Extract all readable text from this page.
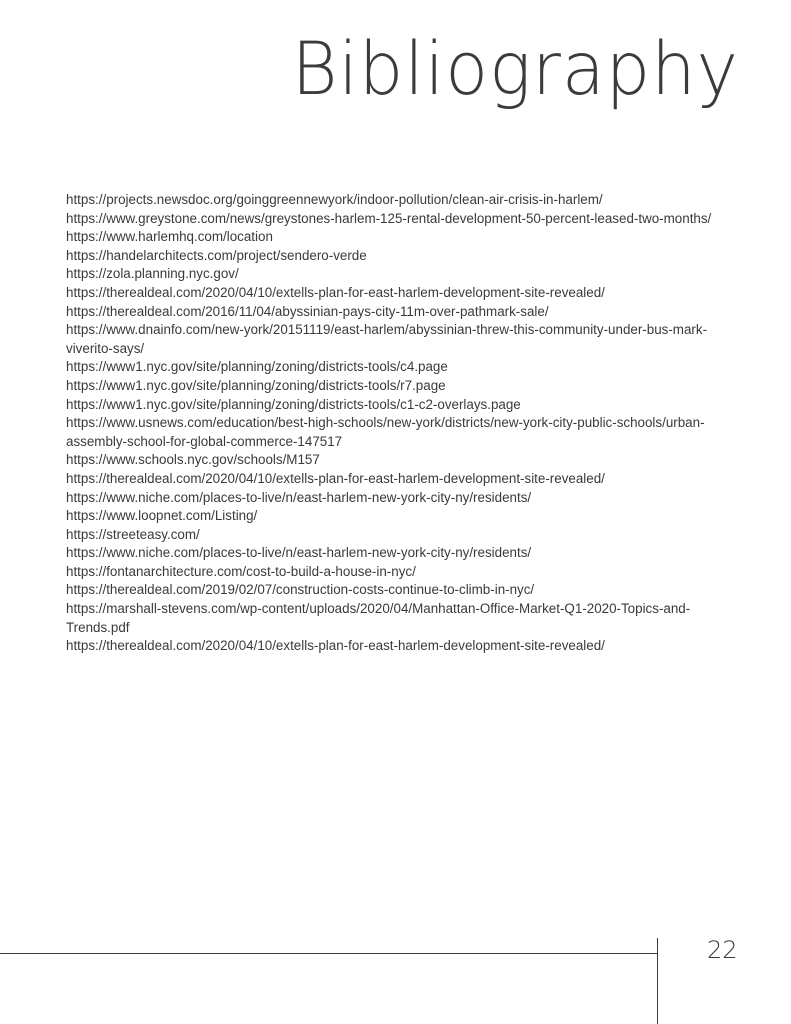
Bibliography
https://projects.newsdoc.org/goinggreennewyork/indoor-pollution/clean-air-crisis-in-harlem/
https://www.greystone.com/news/greystones-harlem-125-rental-development-50-percent-leased-two-months/
https://www.harlemhq.com/location
https://handelarchitects.com/project/sendero-verde
https://zola.planning.nyc.gov/
https://therealdeal.com/2020/04/10/extells-plan-for-east-harlem-development-site-revealed/
https://therealdeal.com/2016/11/04/abyssinian-pays-city-11m-over-pathmark-sale/
https://www.dnainfo.com/new-york/20151119/east-harlem/abyssinian-threw-this-community-under-bus-mark-viverito-says/
https://www1.nyc.gov/site/planning/zoning/districts-tools/c4.page
https://www1.nyc.gov/site/planning/zoning/districts-tools/r7.page
https://www1.nyc.gov/site/planning/zoning/districts-tools/c1-c2-overlays.page
https://www.usnews.com/education/best-high-schools/new-york/districts/new-york-city-public-schools/urban-assembly-school-for-global-commerce-147517
https://www.schools.nyc.gov/schools/M157
https://therealdeal.com/2020/04/10/extells-plan-for-east-harlem-development-site-revealed/
https://www.niche.com/places-to-live/n/east-harlem-new-york-city-ny/residents/
https://www.loopnet.com/Listing/
https://streeteasy.com/
https://www.niche.com/places-to-live/n/east-harlem-new-york-city-ny/residents/
https://fontanarchitecture.com/cost-to-build-a-house-in-nyc/
https://therealdeal.com/2019/02/07/construction-costs-continue-to-climb-in-nyc/
https://marshall-stevens.com/wp-content/uploads/2020/04/Manhattan-Office-Market-Q1-2020-Topics-and-Trends.pdf
https://therealdeal.com/2020/04/10/extells-plan-for-east-harlem-development-site-revealed/
22
